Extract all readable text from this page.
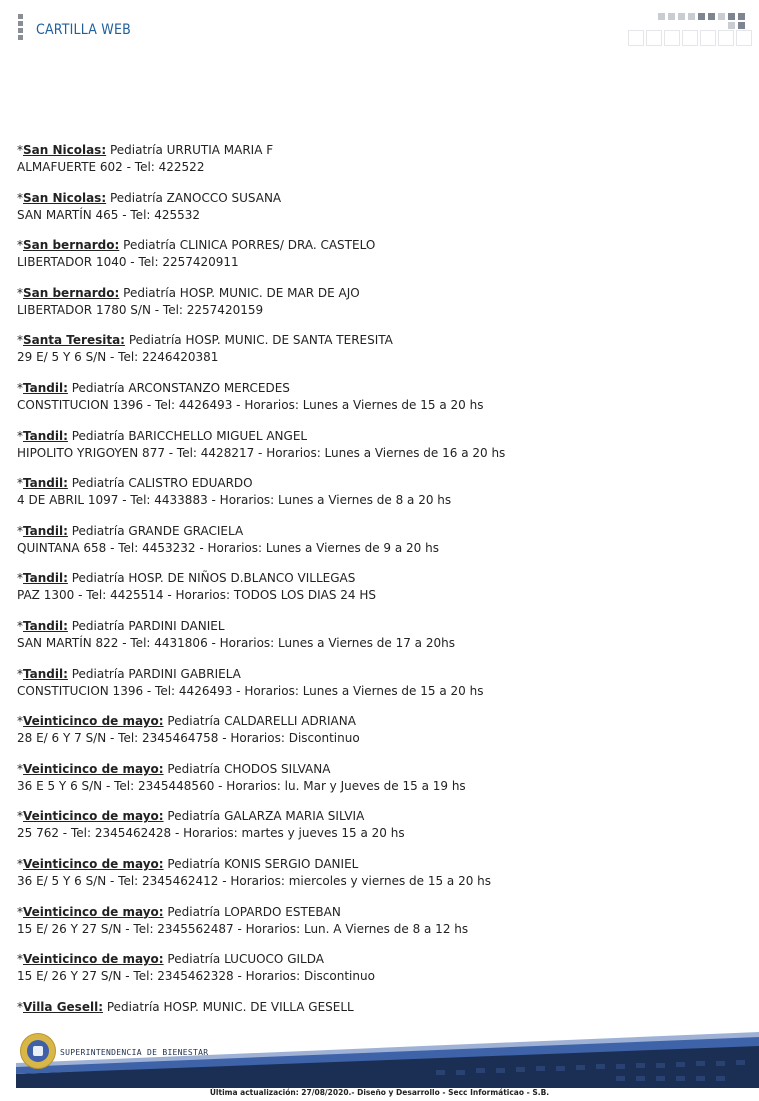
CARTILLA WEB
*San Nicolas: Pediatría URRUTIA MARIA F
ALMAFUERTE 602 - Tel: 422522
*San Nicolas: Pediatría ZANOCCO SUSANA
SAN MARTÍN 465 - Tel: 425532
*San bernardo: Pediatría CLINICA PORRES/ DRA. CASTELO
LIBERTADOR 1040 - Tel: 2257420911
*San bernardo: Pediatría HOSP. MUNIC. DE MAR DE AJO
LIBERTADOR 1780 S/N - Tel: 2257420159
*Santa Teresita: Pediatría HOSP. MUNIC. DE SANTA TERESITA
29 E/ 5 Y 6 S/N - Tel: 2246420381
*Tandil: Pediatría ARCONSTANZO MERCEDES
CONSTITUCION 1396 - Tel: 4426493 - Horarios: Lunes a Viernes de 15 a 20 hs
*Tandil: Pediatría BARICCHELLO MIGUEL ANGEL
HIPOLITO YRIGOYEN 877 - Tel: 4428217 - Horarios: Lunes a Viernes de 16 a 20 hs
*Tandil: Pediatría CALISTRO EDUARDO
4 DE ABRIL 1097 - Tel: 4433883 - Horarios: Lunes a Viernes de 8 a 20 hs
*Tandil: Pediatría GRANDE GRACIELA
QUINTANA 658 - Tel: 4453232 - Horarios: Lunes a Viernes de 9 a 20 hs
*Tandil: Pediatría HOSP. DE NIÑOS D.BLANCO VILLEGAS
PAZ 1300 - Tel: 4425514 - Horarios: TODOS LOS DIAS 24 HS
*Tandil: Pediatría PARDINI DANIEL
SAN MARTÍN 822 - Tel: 4431806 - Horarios: Lunes a Viernes de 17 a 20hs
*Tandil: Pediatría PARDINI GABRIELA
CONSTITUCION 1396 - Tel: 4426493 - Horarios: Lunes a Viernes de 15 a 20 hs
*Veinticinco de mayo: Pediatría CALDARELLI ADRIANA
28 E/ 6 Y 7 S/N - Tel: 2345464758 - Horarios: Discontinuo
*Veinticinco de mayo: Pediatría CHODOS SILVANA
36 E 5 Y 6 S/N - Tel: 2345448560 - Horarios: lu. Mar y Jueves de 15 a 19 hs
*Veinticinco de mayo: Pediatría GALARZA MARIA SILVIA
25 762 - Tel: 2345462428 - Horarios: martes y jueves 15 a 20 hs
*Veinticinco de mayo: Pediatría KONIS SERGIO DANIEL
36 E/ 5 Y 6 S/N - Tel: 2345462412 - Horarios: miercoles y viernes de 15 a 20 hs
*Veinticinco de mayo: Pediatría LOPARDO ESTEBAN
15 E/ 26 Y 27 S/N - Tel: 2345562487 - Horarios: Lun. A Viernes de 8 a 12 hs
*Veinticinco de mayo: Pediatría LUCUOCO GILDA
15 E/ 26 Y 27 S/N - Tel: 2345462328 - Horarios: Discontinuo
*Villa Gesell: Pediatría HOSP. MUNIC. DE VILLA GESELL
SUPERINTENDENCIA DE BIENESTAR
Última actualización: 27/08/2020.- Diseño y Desarrollo - Secc Informáticao - S.B.
